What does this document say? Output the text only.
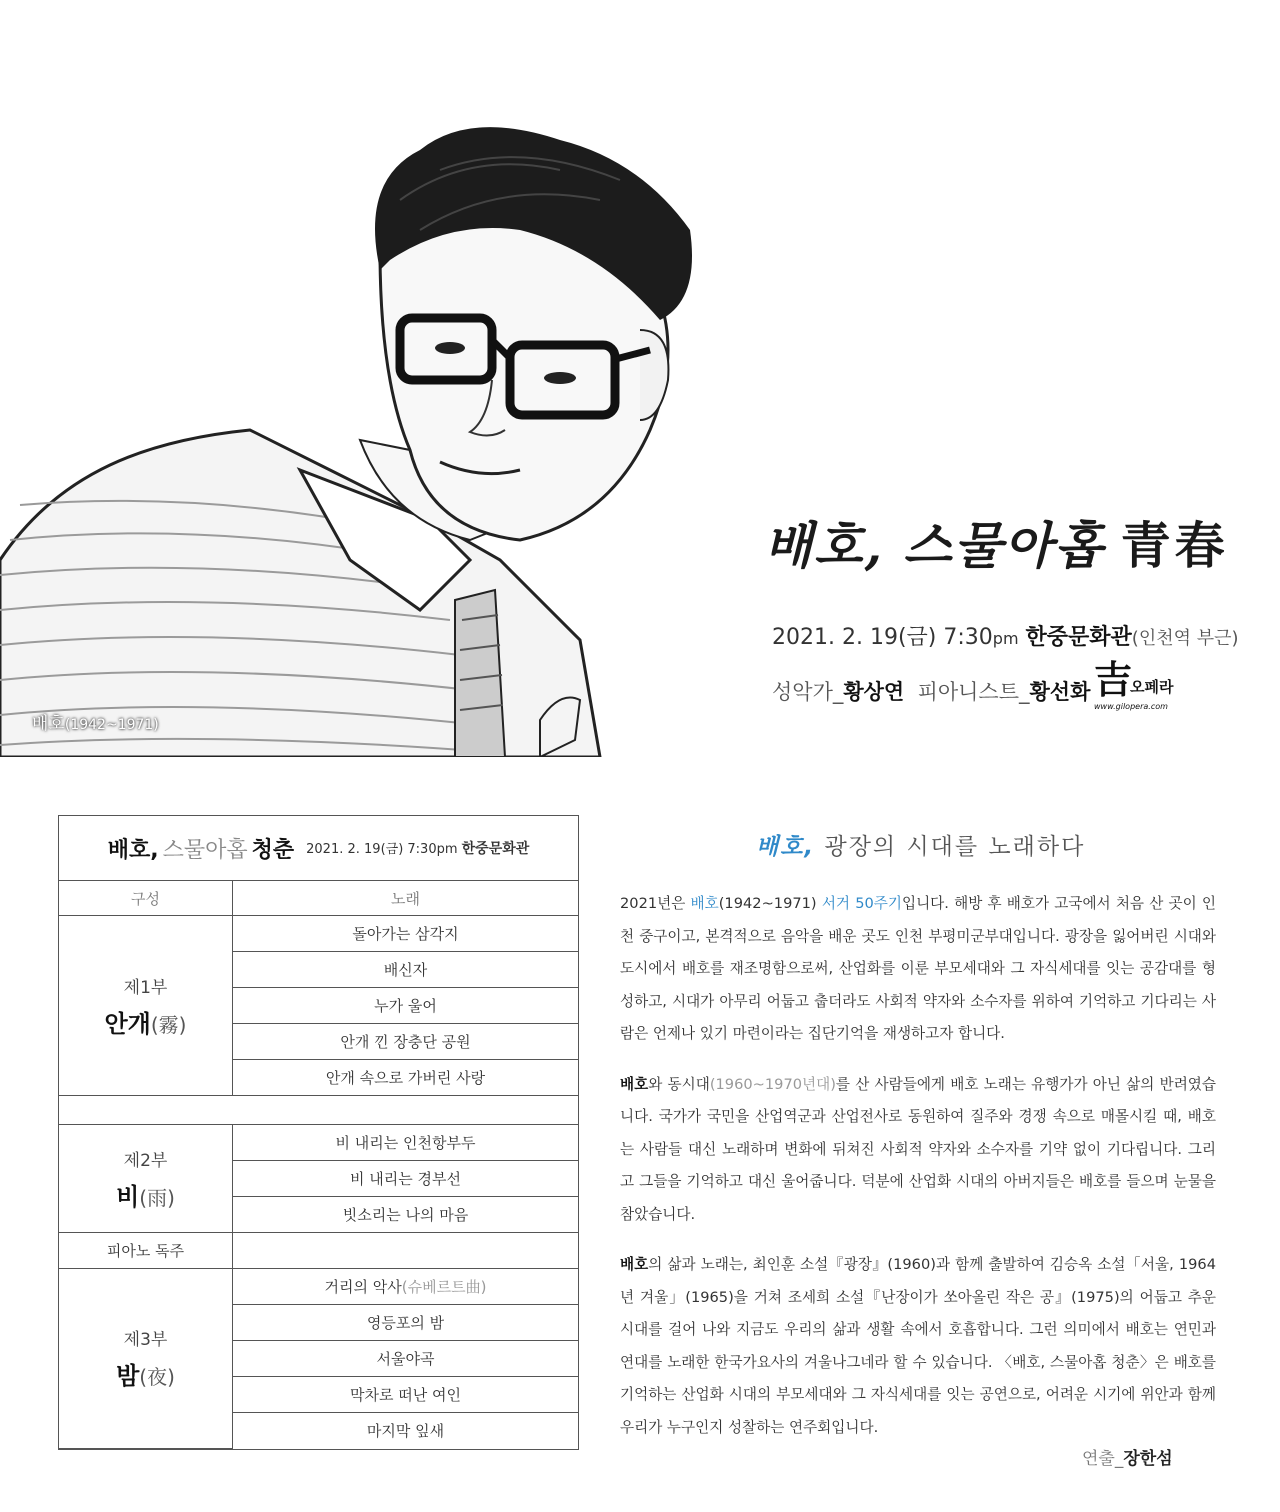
배호(1942~1971)
배호, 스물아홉 青春
2021. 2. 19(금) 7:30pm 한중문화관(인천역 부근)
성악가_황상연 피아니스트_황선화 吉
오페라
www.gilopera.com
배호, 스물아홉 청춘 2021. 2. 19(금) 7:30pm 한중문화관
구성	노래

제1부
안개(霧)	돌아가는 삼각지
	배신자
	누가 울어
	안개 낀 장충단 공원
	안개 속으로 가버린 사랑

제2부
비(雨)	비 내리는 인천항부두
	비 내리는 경부선
	빗소리는 나의 마음
피아노 독주	

제3부
밤(夜)	거리의 악사(슈베르트曲)
	영등포의 밤
	서울야곡
	막차로 떠난 여인
	마지막 잎새
배호, 광장의 시대를 노래하다

2021년은 배호(1942~1971) 서거 50주기입니다. 해방 후 배호가 고국에서 처음 산 곳이 인천 중구이고, 본격적으로 음악을 배운 곳도 인천 부평미군부대입니다. 광장을 잃어버린 시대와 도시에서 배호를 재조명함으로써, 산업화를 이룬 부모세대와 그 자식세대를 잇는 공감대를 형성하고, 시대가 아무리 어둡고 춥더라도 사회적 약자와 소수자를 위하여 기억하고 기다리는 사람은 언제나 있기 마련이라는 집단기억을 재생하고자 합니다.

배호와 동시대(1960~1970년대)를 산 사람들에게 배호 노래는 유행가가 아닌 삶의 반려였습니다. 국가가 국민을 산업역군과 산업전사로 동원하여 질주와 경쟁 속으로 매몰시킬 때, 배호는 사람들 대신 노래하며 변화에 뒤쳐진 사회적 약자와 소수자를 기약 없이 기다립니다. 그리고 그들을 기억하고 대신 울어줍니다. 덕분에 산업화 시대의 아버지들은 배호를 들으며 눈물을 참았습니다.

배호의 삶과 노래는, 최인훈 소설『광장』(1960)과 함께 출발하여 김승옥 소설「서울, 1964년 겨울」(1965)을 거쳐 조세희 소설『난장이가 쏘아올린 작은 공』(1975)의 어둡고 추운 시대를 걸어 나와 지금도 우리의 삶과 생활 속에서 호흡합니다. 그런 의미에서 배호는 연민과 연대를 노래한 한국가요사의 겨울나그네라 할 수 있습니다. 〈배호, 스물아홉 청춘〉은 배호를 기억하는 산업화 시대의 부모세대와 그 자식세대를 잇는 공연으로, 어려운 시기에 위안과 함께 우리가 누구인지 성찰하는 연주회입니다.

연출_장한섬
